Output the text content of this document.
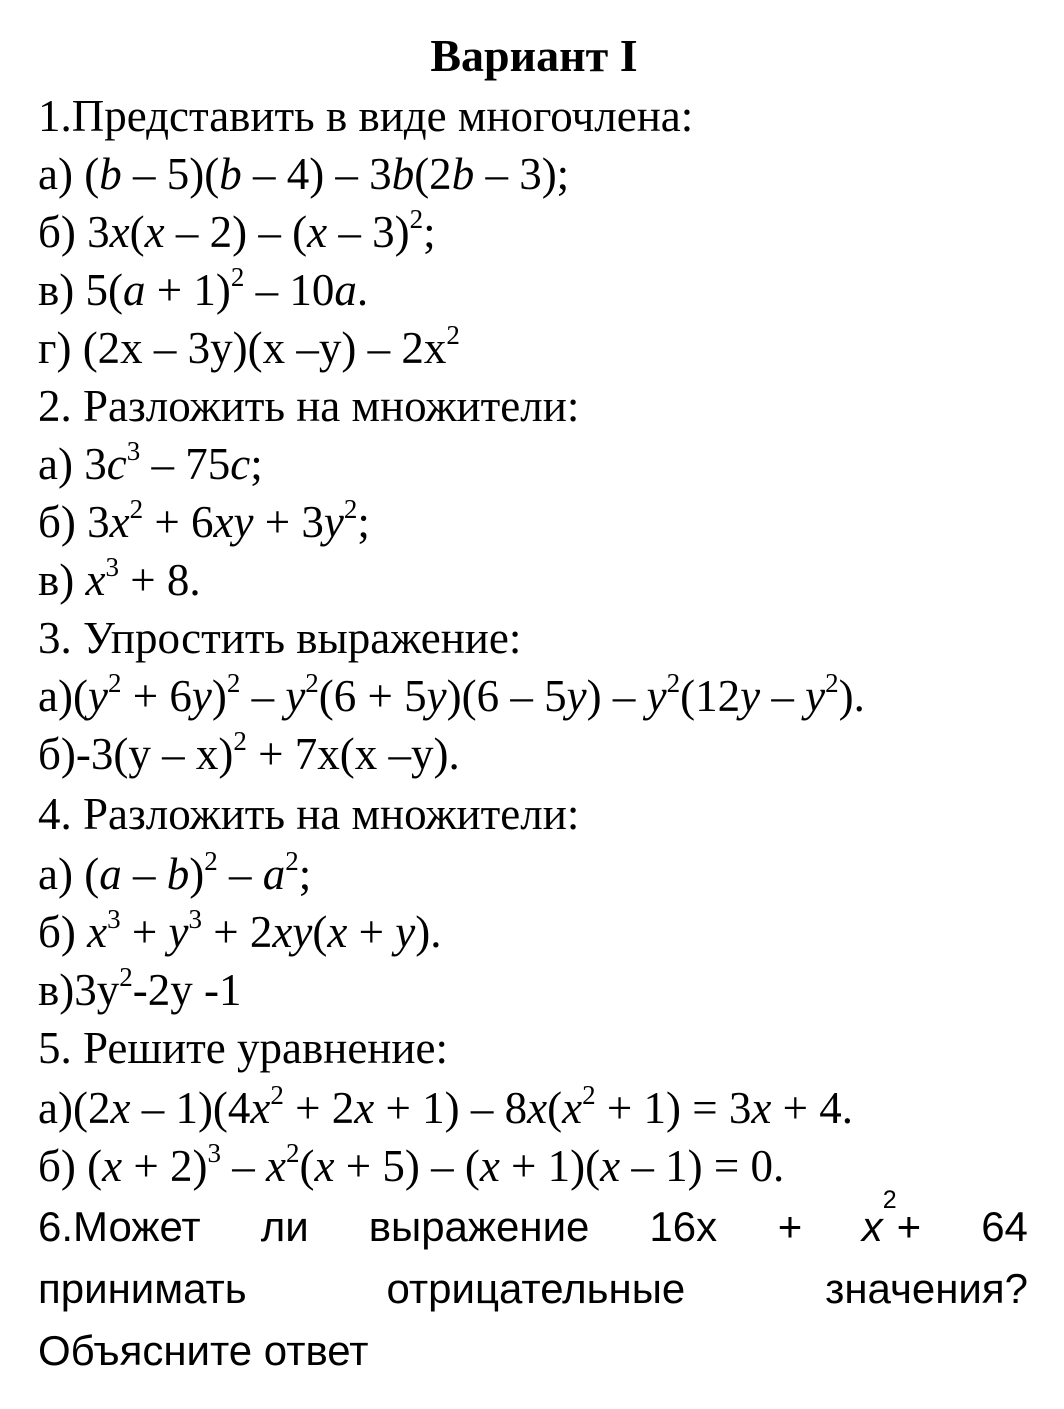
Вариант I
1.Представить в виде многочлена:
а) (b – 5)(b – 4) – 3b(2b – 3);
б) 3x(x – 2) – (x – 3)$^2$;
в) $5(a + 1)^2 - 10a$.
г) (2x – 3y)(x $-y) - 2x^2$
2. Разложить на множители:
а) $3c^3 - 75c$;
б) $3x^2 + 6xy + 3y^2$;
в) $x^3 + 8$.
3. Упростить выражение:
$а)(y^2 + 6y)^2 - y^2(6 + 5y)(6 - 5y) - y^2(12y - y^2)$.
б)-3(y – x)$^2$ + 7x(x –y).
4. Разложить на множители:
а) $(a - b)^2 - a^2$;
б) $x^3 + y^3 + 2xy(x + y)$.
$в)3y^2-2y$ -1
5. Решите уравнение:
$а)(2x - 1)(4x^2 + 2x + 1) - 8x(x^2 + 1) = 3x + 4$.
б) $(x + 2)^3 - x^2(x + 5) - (x + 1)(x - 1) = 0$.
6.Может ли выражение $16x + x^2+ 64$
принимать	отрицательные	значения?
Объясните ответ
